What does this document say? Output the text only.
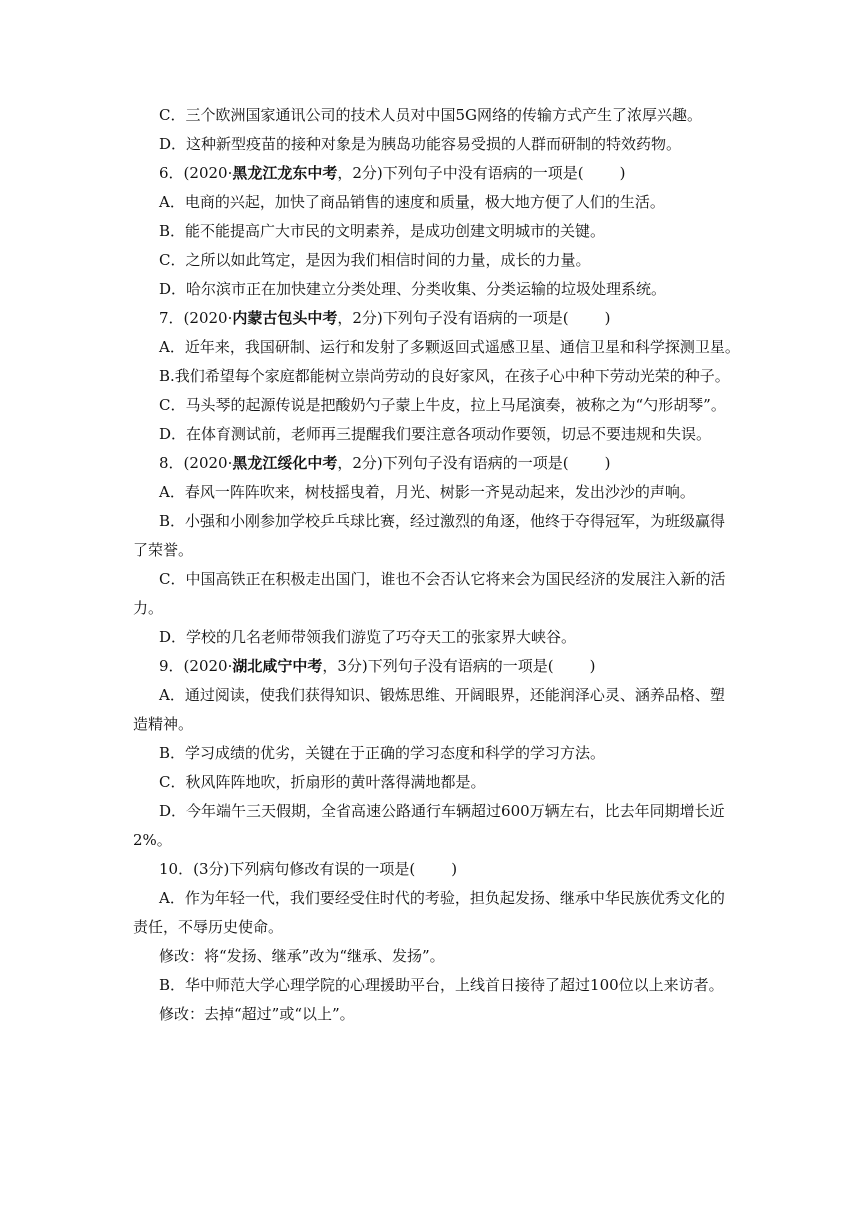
C．三个欧洲国家通讯公司的技术人员对中国5G网络的传输方式产生了浓厚兴趣。
D．这种新型疫苗的接种对象是为胰岛功能容易受损的人群而研制的特效药物。
6．(2020·黑龙江龙东中考，2分)下列句子中没有语病的一项是( )
A．电商的兴起，加快了商品销售的速度和质量，极大地方便了人们的生活。
B．能不能提高广大市民的文明素养，是成功创建文明城市的关键。
C．之所以如此笃定，是因为我们相信时间的力量，成长的力量。
D．哈尔滨市正在加快建立分类处理、分类收集、分类运输的垃圾处理系统。
7．(2020·内蒙古包头中考，2分)下列句子没有语病的一项是( )
A．近年来，我国研制、运行和发射了多颗返回式遥感卫星、通信卫星和科学探测卫星。
B.我们希望每个家庭都能树立崇尚劳动的良好家风，在孩子心中种下劳动光荣的种子。
C．马头琴的起源传说是把酸奶勺子蒙上牛皮，拉上马尾演奏，被称之为“勺形胡琴”。
D．在体育测试前，老师再三提醒我们要注意各项动作要领，切忌不要违规和失误。
8．(2020·黑龙江绥化中考，2分)下列句子没有语病的一项是( )
A．春风一阵阵吹来，树枝摇曳着，月光、树影一齐晃动起来，发出沙沙的声响。
B．小强和小刚参加学校乒乓球比赛，经过激烈的角逐，他终于夺得冠军，为班级赢得
了荣誉。
C．中国高铁正在积极走出国门，谁也不会否认它将来会为国民经济的发展注入新的活
力。
D．学校的几名老师带领我们游览了巧夺天工的张家界大峡谷。
9．(2020·湖北咸宁中考，3分)下列句子没有语病的一项是( )
A．通过阅读，使我们获得知识、锻炼思维、开阔眼界，还能润泽心灵、涵养品格、塑
造精神。
B．学习成绩的优劣，关键在于正确的学习态度和科学的学习方法。
C．秋风阵阵地吹，折扇形的黄叶落得满地都是。
D．今年端午三天假期，全省高速公路通行车辆超过600万辆左右，比去年同期增长近
2%。
10．(3分)下列病句修改有误的一项是( )
A．作为年轻一代，我们要经受住时代的考验，担负起发扬、继承中华民族优秀文化的
责任，不辱历史使命。
修改：将“发扬、继承”改为“继承、发扬”。
B．华中师范大学心理学院的心理援助平台，上线首日接待了超过100位以上来访者。
修改：去掉“超过”或“以上”。
